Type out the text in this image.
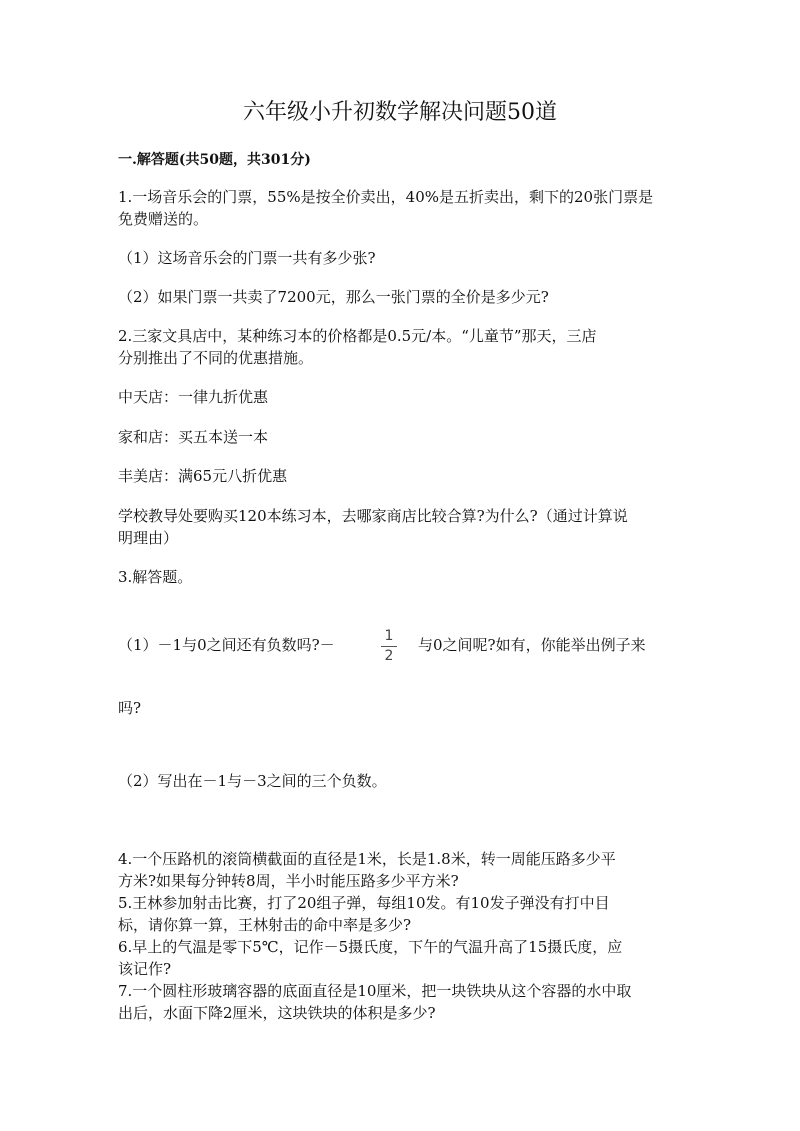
六年级小升初数学解决问题50道
一.解答题(共50题，共301分)
1.一场音乐会的门票，55%是按全价卖出，40%是五折卖出，剩下的20张门票是
免费赠送的。
（1）这场音乐会的门票一共有多少张?
（2）如果门票一共卖了7200元，那么一张门票的全价是多少元?
2.三家文具店中，某种练习本的价格都是0.5元/本。“儿童节”那天，三店
分别推出了不同的优惠措施。
中天店：一律九折优惠
家和店：买五本送一本
丰美店：满65元八折优惠
学校教导处要购买120本练习本，去哪家商店比较合算?为什么?（通过计算说
明理由）
3.解答题。
（1）－1与0之间还有负数吗?－	1
2
与0之间呢?如有，你能举出例子来
吗?
（2）写出在－1与－3之间的三个负数。
4.一个压路机的滚筒横截面的直径是1米，长是1.8米，转一周能压路多少平
方米?如果每分钟转8周，半小时能压路多少平方米?
5.王林参加射击比赛，打了20组子弹，每组10发。有10发子弹没有打中目
标，请你算一算，王林射击的命中率是多少?
6.早上的气温是零下5℃，记作－5摄氏度，下午的气温升高了15摄氏度，应
该记作?
7.一个圆柱形玻璃容器的底面直径是10厘米，把一块铁块从这个容器的水中取
出后，水面下降2厘米，这块铁块的体积是多少?
